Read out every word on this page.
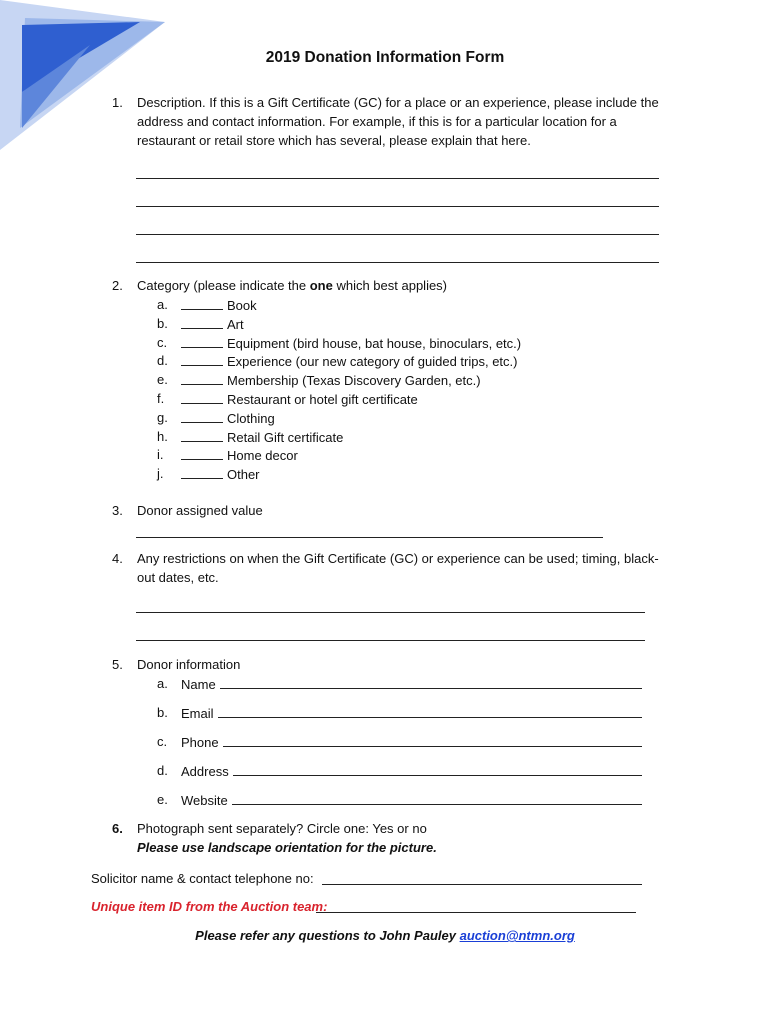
2019 Donation Information Form
1. Description. If this is a Gift Certificate (GC) for a place or an experience, please include the
address and contact information. For example, if this is for a particular location for a
restaurant or retail store which has several, please explain that here.
2. Category (please indicate the one which best applies)
a.	Book
b.	Art
c.	Equipment (bird house, bat house, binoculars, etc.)
d.	Experience (our new category of guided trips, etc.)
e.	Membership (Texas Discovery Garden, etc.)
f.	Restaurant or hotel gift certificate
g.	Clothing
h.	Retail Gift certificate
i.	Home decor
j.	Other
3. Donor assigned value
4. Any restrictions on when the Gift Certificate (GC) or experience can be used; timing, black-
out dates, etc.
5. Donor information
a. Name
b. Email
c. Phone
d. Address
e. Website
6. Photograph sent separately? Circle one: Yes or no
Please use landscape orientation for the picture.
Solicitor name & contact telephone no:
Unique item ID from the Auction team:
Please refer any questions to John Pauley auction@ntmn.org
